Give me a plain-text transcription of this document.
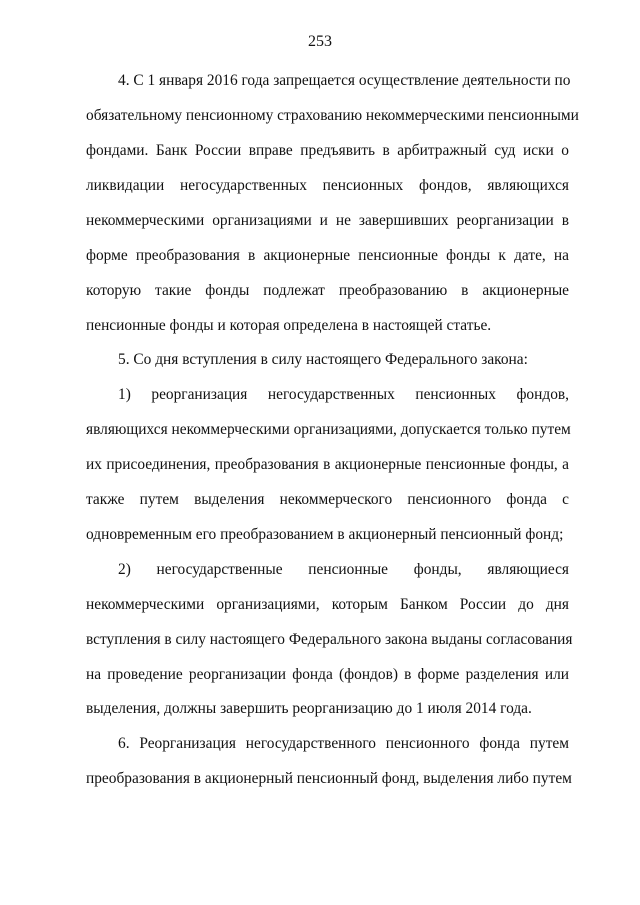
253
4. С 1 января 2016 года запрещается осуществление деятельности по
обязательному пенсионному страхованию некоммерческими пенсионными
фондами. Банк России вправе предъявить в арбитражный суд иски о
ликвидации негосударственных пенсионных фондов, являющихся
некоммерческими организациями и не завершивших реорганизации в
форме преобразования в акционерные пенсионные фонды к дате, на
которую такие фонды подлежат преобразованию в акционерные
пенсионные фонды и которая определена в настоящей статье.
5. Со дня вступления в силу настоящего Федерального закона:
1) реорганизация негосударственных пенсионных фондов,
являющихся некоммерческими организациями, допускается только путем
их присоединения, преобразования в акционерные пенсионные фонды, а
также путем выделения некоммерческого пенсионного фонда с
одновременным его преобразованием в акционерный пенсионный фонд;
2) негосударственные пенсионные фонды, являющиеся
некоммерческими организациями, которым Банком России до дня
вступления в силу настоящего Федерального закона выданы согласования
на проведение реорганизации фонда (фондов) в форме разделения или
выделения, должны завершить реорганизацию до 1 июля 2014 года.
6. Реорганизация негосударственного пенсионного фонда путем
преобразования в акционерный пенсионный фонд, выделения либо путем
